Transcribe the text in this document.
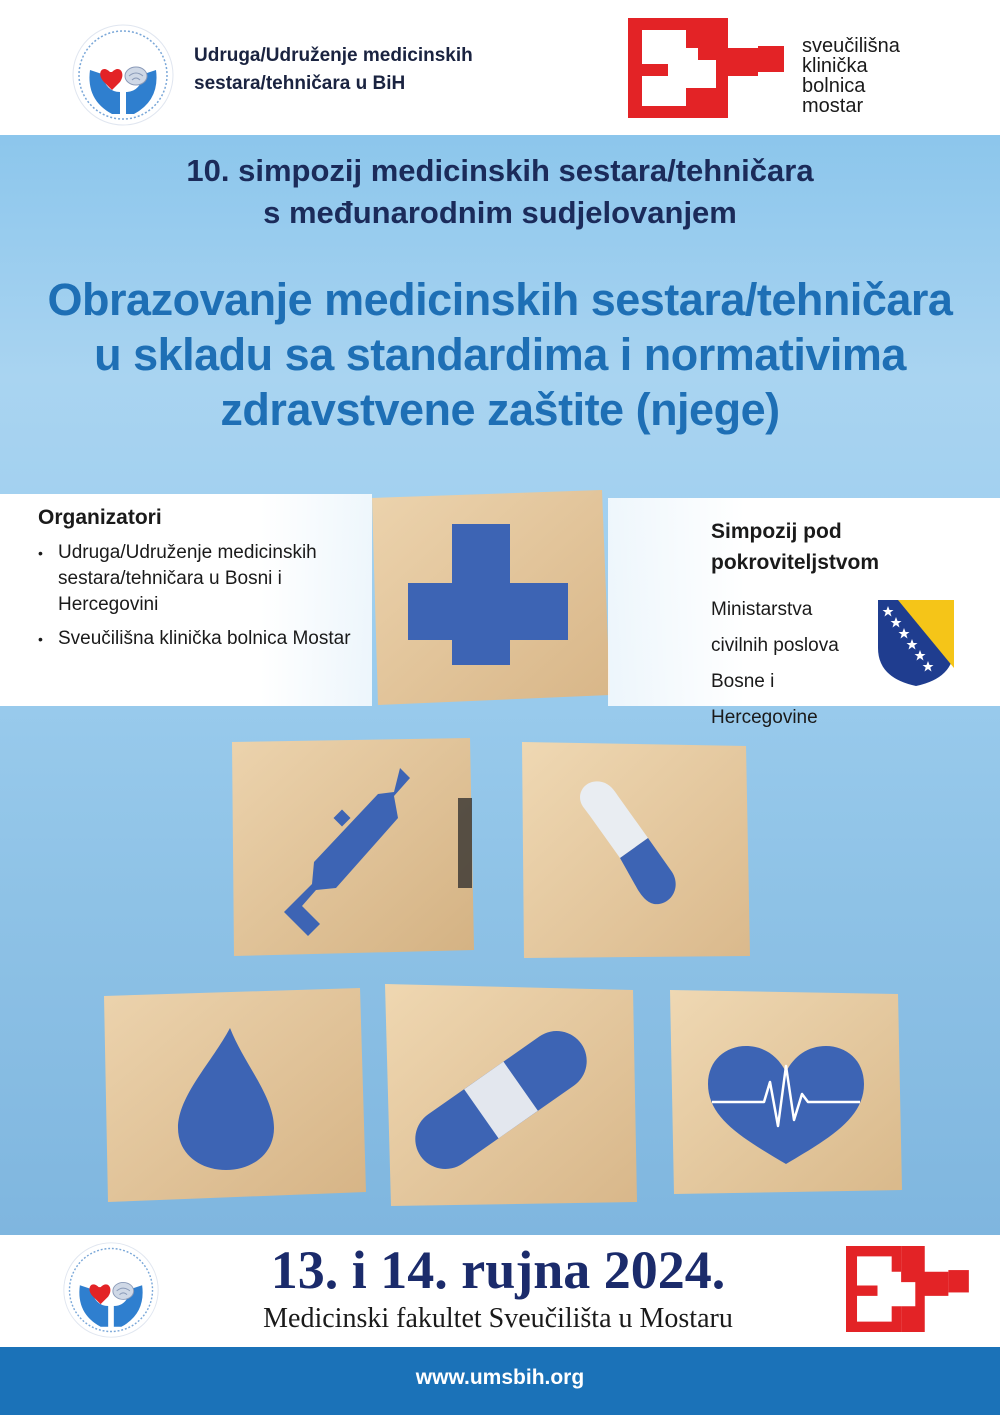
Udruga/Udruženje medicinskih
sestara/tehničara u BiH
sveučilišna
klinička
bolnica
mostar
10. simpozij medicinskih sestara/tehničara
s međunarodnim sudjelovanjem
Obrazovanje medicinskih sestara/tehničara
u skladu sa standardima i normativima
zdravstvene zaštite (njege)
Organizatori
• Udruga/Udruženje medicinskih sestara/tehničara u Bosni i Hercegovini
• Sveučilišna klinička bolnica Mostar
Simpozij pod pokroviteljstvom
Ministarstva
civilnih poslova
Bosne i Hercegovine
13. i 14. rujna 2024.
Medicinski fakultet Sveučilišta u Mostaru
www.umsbih.org
